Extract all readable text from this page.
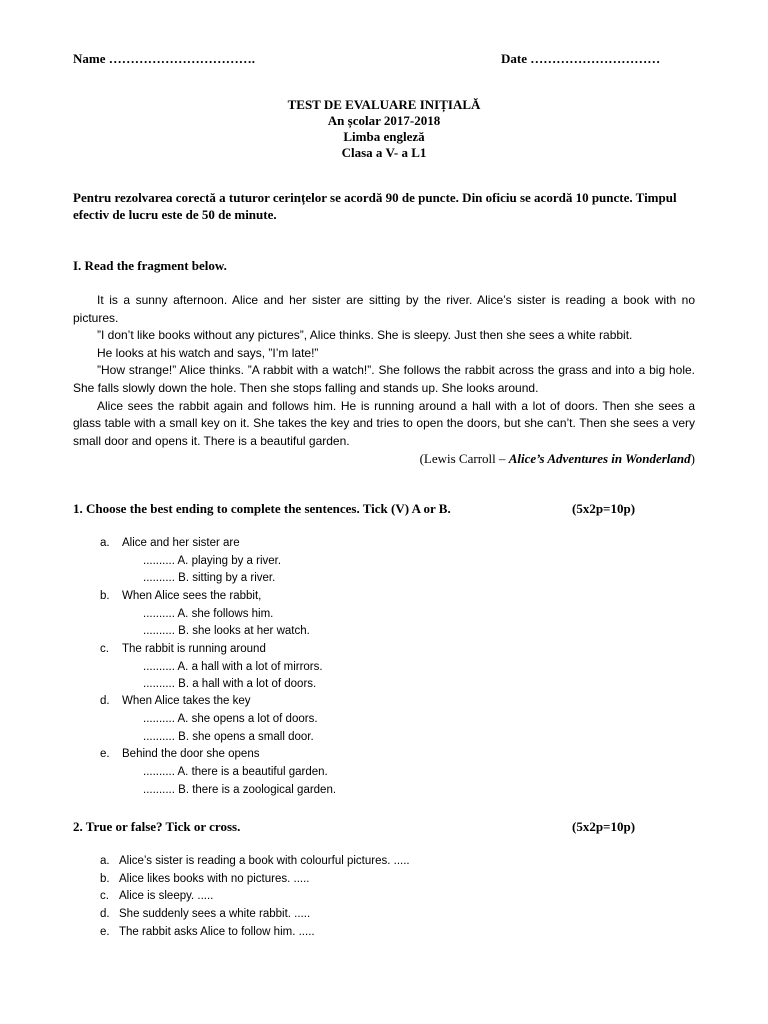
Name …………………………….	Date …………………………
TEST DE EVALUARE INIȚIALĂ
An școlar 2017-2018
Limba engleză
Clasa a V- a L1
Pentru rezolvarea corectă a tuturor cerințelor se acordă 90 de puncte. Din oficiu se acordă 10 puncte. Timpul efectiv de lucru este de 50 de minute.
I. Read the fragment below.

It is a sunny afternoon. Alice and her sister are sitting by the river. Alice’s sister is reading a book with no pictures.

”I don’t like books without any pictures”, Alice thinks. She is sleepy. Just then she sees a white rabbit.

He looks at his watch and says, ”I’m late!”

”How strange!” Alice thinks. ”A rabbit with a watch!”. She follows the rabbit across the grass and into a big hole. She falls slowly down the hole. Then she stops falling and stands up. She looks around.

Alice sees the rabbit again and follows him. He is running around a hall with a lot of doors. Then she sees a glass table with a small key on it. She takes the key and tries to open the doors, but she can’t. Then she sees a very small door and opens it. There is a beautiful garden.

(Lewis Carroll – Alice’s Adventures in Wonderland)
1. Choose the best ending to complete the sentences. Tick (V) A or B.	(5x2p=10p)
a. Alice and her sister are
.......... A. playing by a river.
.......... B. sitting by a river.
b. When Alice sees the rabbit,
.......... A. she follows him.
.......... B. she looks at her watch.
c. The rabbit is running around
.......... A. a hall with a lot of mirrors.
.......... B. a hall with a lot of doors.
d. When Alice takes the key
.......... A. she opens a lot of doors.
.......... B. she opens a small door.
e. Behind the door she opens
.......... A. there is a beautiful garden.
.......... B. there is a zoological garden.
2. True or false? Tick or cross.	(5x2p=10p)
a. Alice’s sister is reading a book with colourful pictures. .....
b. Alice likes books with no pictures. .....
c. Alice is sleepy. .....
d. She suddenly sees a white rabbit. .....
e. The rabbit asks Alice to follow him. .....
